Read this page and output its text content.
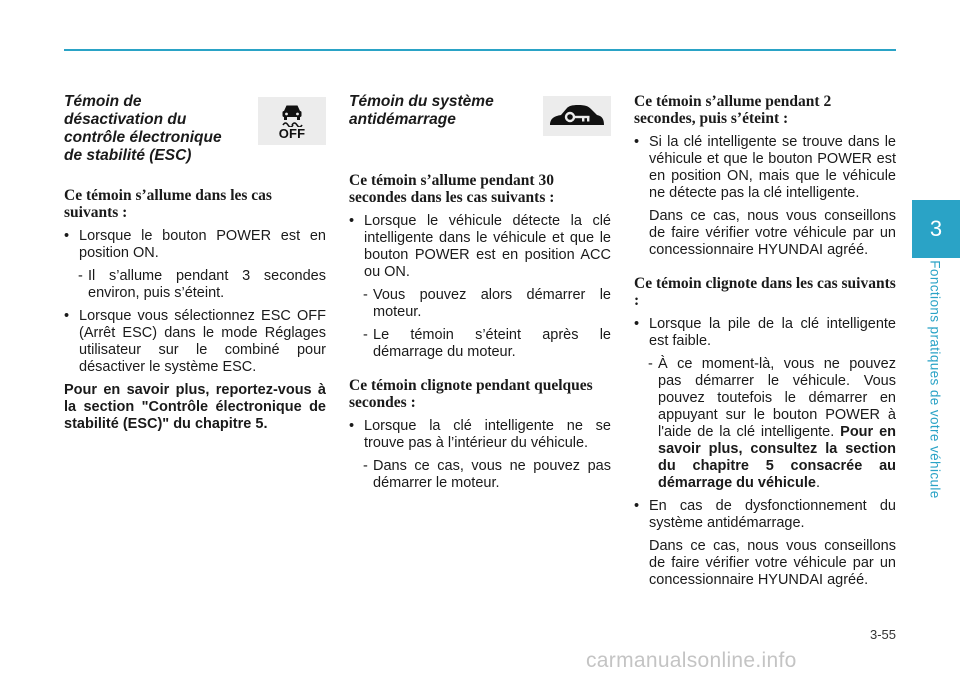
Témoin de
désactivation du
contrôle électronique
de stabilité (ESC)
OFF
Ce témoin s’allume dans les cas suivants :
• Lorsque le bouton POWER est en position ON.
- Il s’allume pendant 3 secondes environ, puis s’éteint.
• Lorsque vous sélectionnez ESC OFF (Arrêt ESC) dans le mode Réglages utilisateur sur le combiné pour désactiver le système ESC.
Pour en savoir plus, reportez-vous à la section "Contrôle électronique de stabilité (ESC)" du chapitre 5.
Témoin du système
antidémarrage
Ce témoin s’allume pendant 30 secondes dans les cas suivants :
• Lorsque le véhicule détecte la clé intelligente dans le véhicule et que le bouton POWER est en position ACC ou ON.
- Vous pouvez alors démarrer le moteur.
- Le témoin s’éteint après le démarrage du moteur.
Ce témoin clignote pendant quelques secondes :
• Lorsque la clé intelligente ne se trouve pas à l’intérieur du véhicule.
- Dans ce cas, vous ne pouvez pas démarrer le moteur.
Ce témoin s’allume pendant 2 secondes, puis s’éteint :
• Si la clé intelligente se trouve dans le véhicule et que le bouton POWER est en position ON, mais que le véhicule ne détecte pas la clé intelligente.
Dans ce cas, nous vous conseillons de faire vérifier votre véhicule par un concessionnaire HYUNDAI agréé.
Ce témoin clignote dans les cas suivants :
• Lorsque la pile de la clé intelligente est faible.
- À ce moment-là, vous ne pouvez pas démarrer le véhicule. Vous pouvez toutefois le démarrer en appuyant sur le bouton POWER à l'aide de la clé intelligente. Pour en savoir plus, consultez la section du chapitre 5 consacrée au démarrage du véhicule.
• En cas de dysfonctionnement du système antidémarrage.
Dans ce cas, nous vous conseillons de faire vérifier votre véhicule par un concessionnaire HYUNDAI agréé.
3
Fonctions pratiques de votre véhicule
3-55
carmanualsonline.info
